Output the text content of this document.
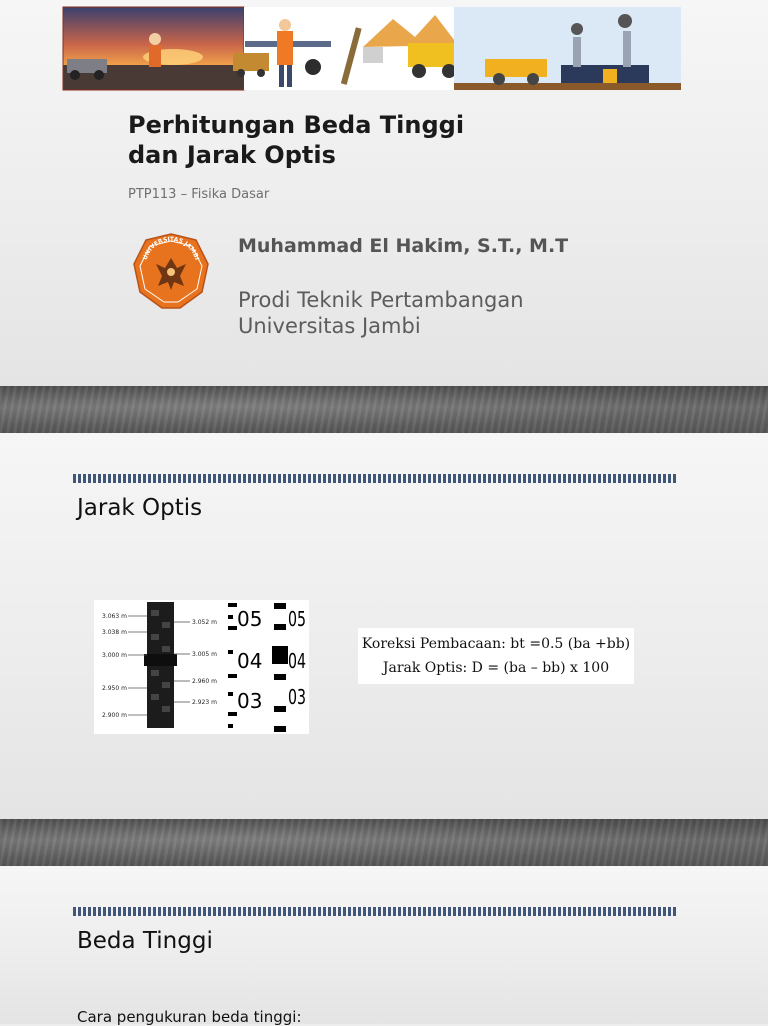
Perhitungan Beda Tinggi
dan Jarak Optis
PTP113 – Fisika Dasar
UNIVERSITAS JAMBI
Muhammad El Hakim, S.T., M.T
Prodi Teknik Pertambangan
Universitas Jambi
Jarak Optis
3.063 m
3.038 m
3.000 m
2.950 m
2.900 m
3.052 m
3.005 m
2.960 m
2.923 m
05
04
03
05
04
03
Koreksi Pembacaan: bt =0.5 (ba +bb)
Jarak Optis: D = (ba – bb) x 100
Beda Tinggi
Cara pengukuran beda tinggi:
